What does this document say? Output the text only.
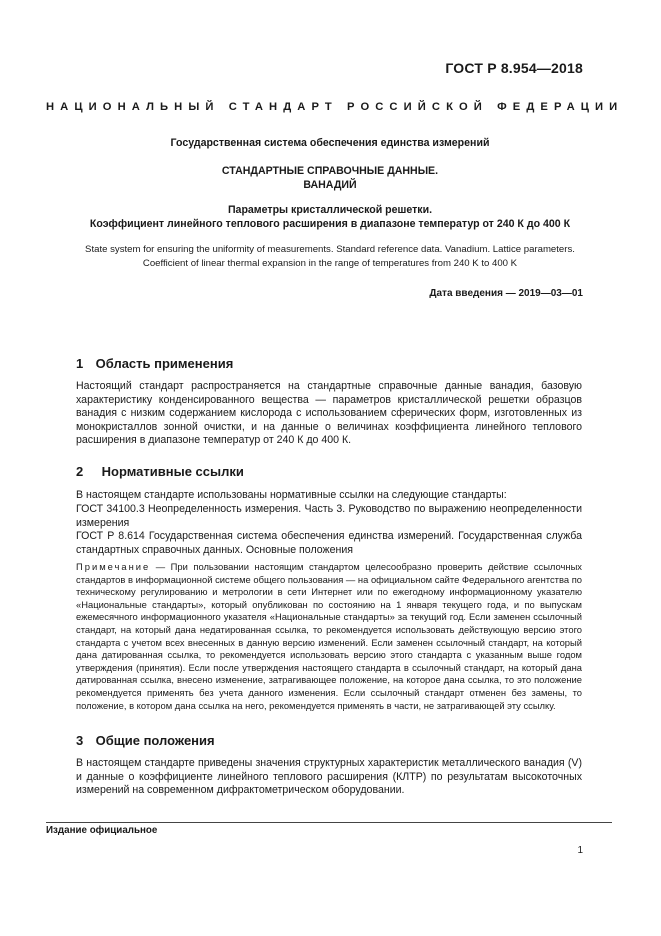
ГОСТ Р 8.954—2018
НАЦИОНАЛЬНЫЙ СТАНДАРТ РОССИЙСКОЙ ФЕДЕРАЦИИ
Государственная система обеспечения единства измерений
СТАНДАРТНЫЕ СПРАВОЧНЫЕ ДАННЫЕ.
ВАНАДИЙ
Параметры кристаллической решетки.
Коэффициент линейного теплового расширения в диапазоне температур от 240 К до 400 К
State system for ensuring the uniformity of measurements. Standard reference data. Vanadium. Lattice parameters.
Coefficient of linear thermal expansion in the range of temperatures from 240 K to 400 K
Дата введения — 2019—03—01
1 Область применения
Настоящий стандарт распространяется на стандартные справочные данные ванадия, базовую характеристику конденсированного вещества — параметров кристаллической решетки образцов ванадия с низким содержанием кислорода с использованием сферических форм, изготовленных из монокристаллов зонной очистки, и на данные о величинах коэффициента линейного теплового расширения в диапазоне температур от 240 К до 400 К.
2 Нормативные ссылки
В настоящем стандарте использованы нормативные ссылки на следующие стандарты:
ГОСТ 34100.3 Неопределенность измерения. Часть 3. Руководство по выражению неопределенности измерения
ГОСТ Р 8.614 Государственная система обеспечения единства измерений. Государственная служба стандартных справочных данных. Основные положения
Примечание — При пользовании настоящим стандартом целесообразно проверить действие ссылочных стандартов в информационной системе общего пользования — на официальном сайте Федерального агентства по техническому регулированию и метрологии в сети Интернет или по ежегодному информационному указателю «Национальные стандарты», который опубликован по состоянию на 1 января текущего года, и по выпускам ежемесячного информационного указателя «Национальные стандарты» за текущий год. Если заменен ссылочный стандарт, на который дана недатированная ссылка, то рекомендуется использовать действующую версию этого стандарта с учетом всех внесенных в данную версию изменений. Если заменен ссылочный стандарт, на который дана датированная ссылка, то рекомендуется использовать версию этого стандарта с указанным выше годом утверждения (принятия). Если после утверждения настоящего стандарта в ссылочный стандарт, на который дана датированная ссылка, внесено изменение, затрагивающее положение, на которое дана ссылка, то это положение рекомендуется применять без учета данного изменения. Если ссылочный стандарт отменен без замены, то положение, в котором дана ссылка на него, рекомендуется применять в части, не затрагивающей эту ссылку.
3 Общие положения
В настоящем стандарте приведены значения структурных характеристик металлического ванадия (V) и данные о коэффициенте линейного теплового расширения (КЛТР) по результатам высокоточных измерений на современном дифрактометрическом оборудовании.
Издание официальное
1
